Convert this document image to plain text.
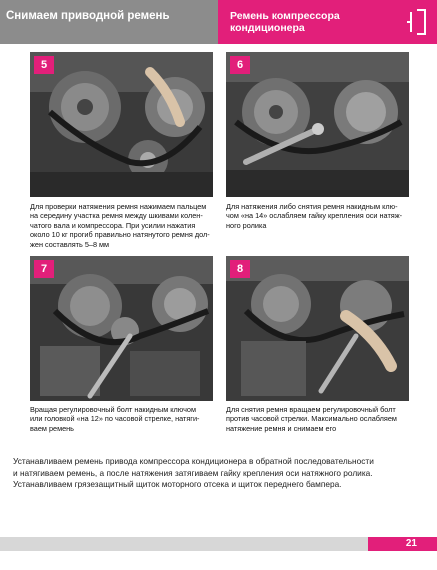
Снимаем приводной ремень	Ремень компрессора
кондиционера
5
Для проверки натяжения ремня нажимаем пальцем
на середину участка ремня между шкивами колен-
чатого вала и компрессора. При усилии нажатия
около 10 кг прогиб правильно натянутого ремня дол-
жен составлять 5–8 мм
6
Для натяжения либо снятия ремня накидным клю-
чом «на 14» ослабляем гайку крепления оси натяж-
ного ролика
7
Вращая регулировочный болт накидным ключом
или головкой «на 12» по часовой стрелке, натяги-
ваем ремень
8
Для снятия ремня вращаем регулировочный болт
против часовой стрелки. Максимально ослабляем
натяжение ремня и снимаем его

Устанавливаем ремень привода компрессора кондиционера в обратной последовательности

и натягиваем ремень, а после натяжения затягиваем гайку крепления оси натяжного ролика.

Устанавливаем грязезащитный щиток моторного отсека и щиток переднего бампера.

21
